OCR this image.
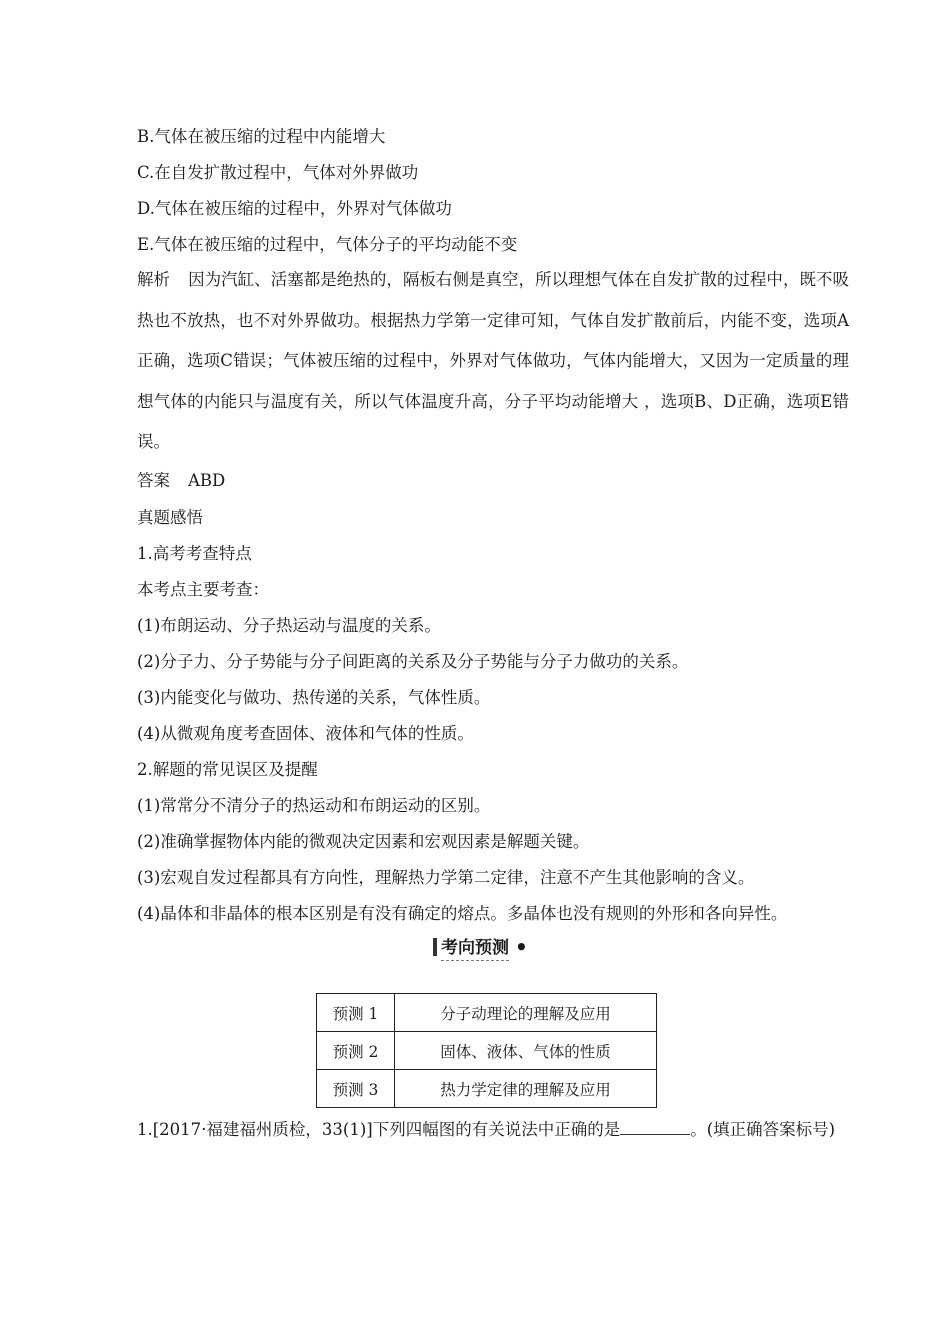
B.气体在被压缩的过程中内能增大
C.在自发扩散过程中，气体对外界做功
D.气体在被压缩的过程中，外界对气体做功
E.气体在被压缩的过程中，气体分子的平均动能不变
解析 因为汽缸、活塞都是绝热的，隔板右侧是真空，所以理想气体在自发扩散的过程中，既不吸热也不放热，也不对外界做功。根据热力学第一定律可知，气体自发扩散前后，内能不变，选项A正确，选项C错误；气体被压缩的过程中，外界对气体做功，气体内能增大，又因为一定质量的理想气体的内能只与温度有关，所以气体温度升高，分子平均动能增大 ，选项B、D正确，选项E错误。
答案 ABD
真题感悟
1.高考考查特点
本考点主要考查：
(1)布朗运动、分子热运动与温度的关系。
(2)分子力、分子势能与分子间距离的关系及分子势能与分子力做功的关系。
(3)内能变化与做功、热传递的关系，气体性质。
(4)从微观角度考查固体、液体和气体的性质。
2.解题的常见误区及提醒
(1)常常分不清分子的热运动和布朗运动的区别。
(2)准确掌握物体内能的微观决定因素和宏观因素是解题关键。
(3)宏观自发过程都具有方向性，理解热力学第二定律，注意不产生其他影响的含义。
(4)晶体和非晶体的根本区别是有没有确定的熔点。多晶体也没有规则的外形和各向异性。
考向预测 •
预测 1	分子动理论的理解及应用
预测 2	固体、液体、气体的性质
预测 3	热力学定律的理解及应用
1.[2017·福建福州质检，33(1)]下列四幅图的有关说法中正确的是	。(填正确答案标号)
